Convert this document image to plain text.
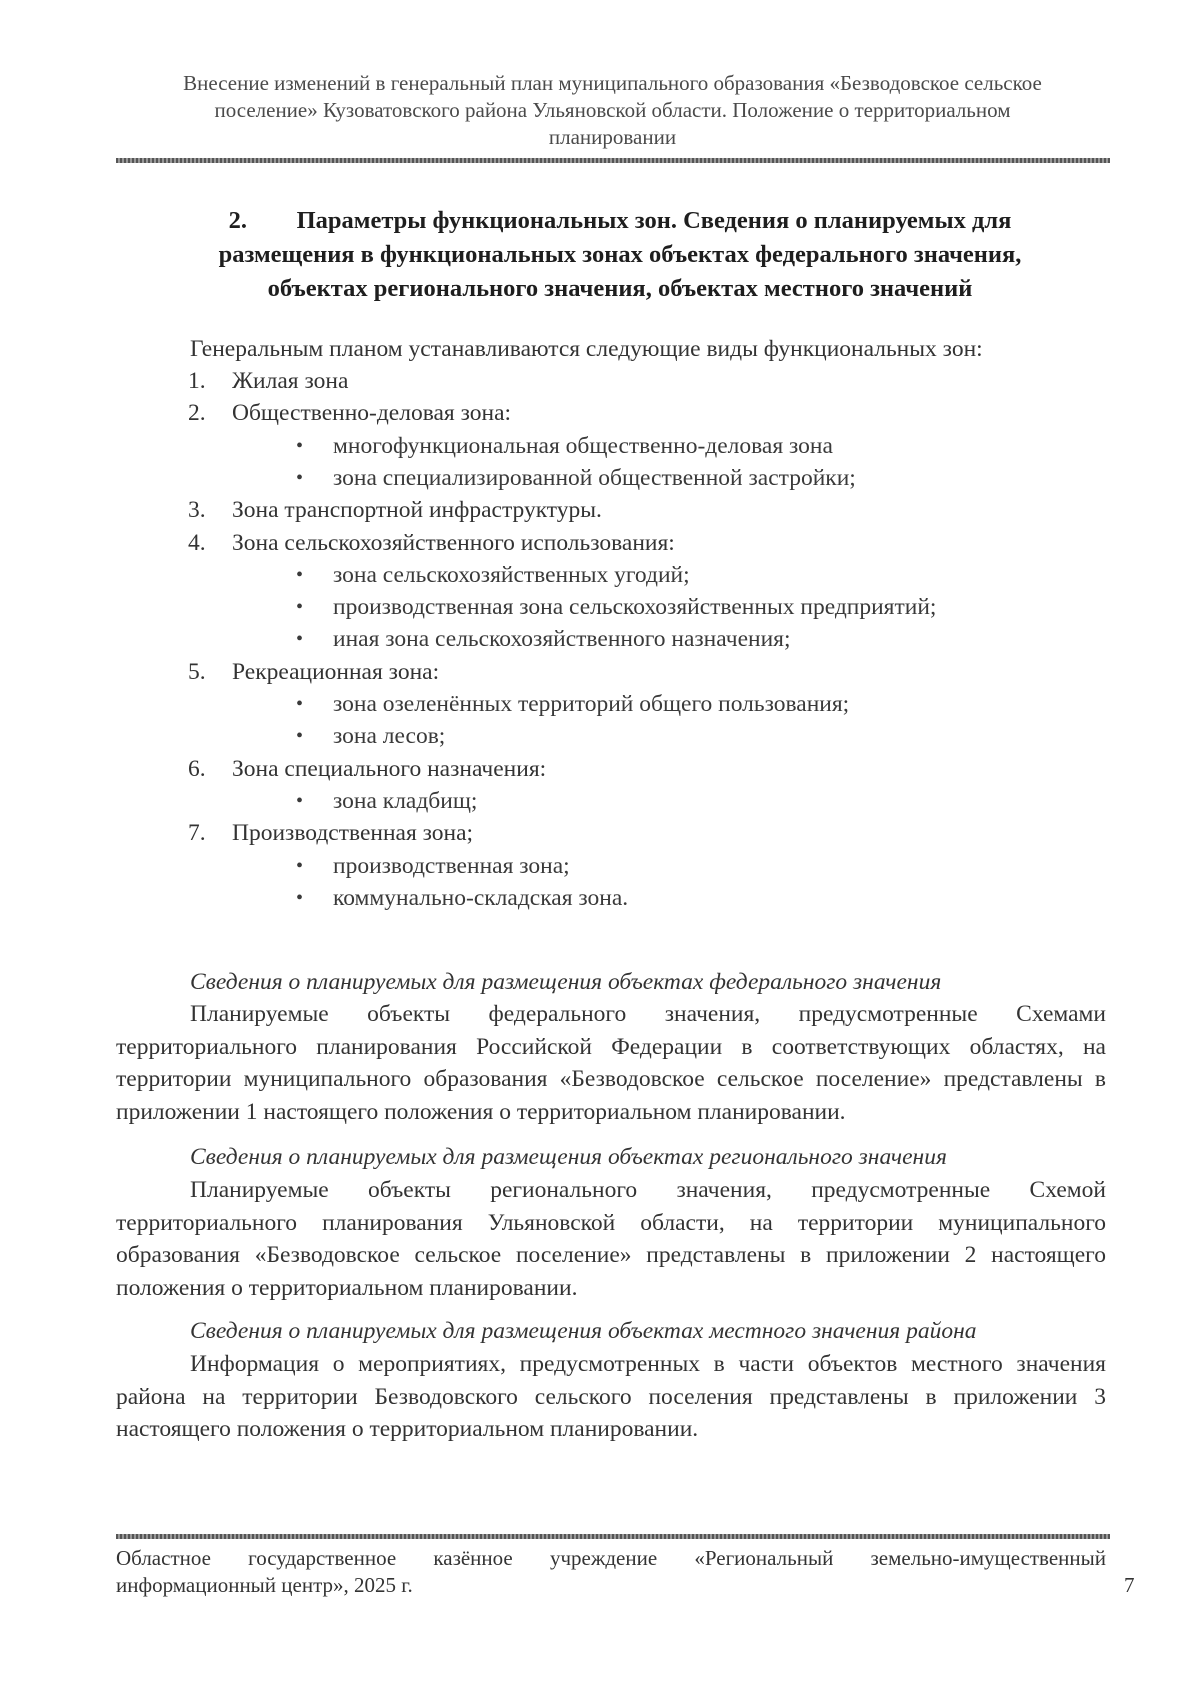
Внесение изменений в генеральный план муниципального образования «Безводовское сельское
поселение» Кузоватовского района Ульяновской области. Положение о территориальном
планировании
2. Параметры функциональных зон. Сведения о планируемых для
размещения в функциональных зонах объектах федерального значения,
объектах регионального значения, объектах местного значений
Генеральным планом устанавливаются следующие виды функциональных зон:
1. Жилая зона
2. Общественно-деловая зона:
• многофункциональная общественно-деловая зона
• зона специализированной общественной застройки;
3. Зона транспортной инфраструктуры.
4. Зона сельскохозяйственного использования:
• зона сельскохозяйственных угодий;
• производственная зона сельскохозяйственных предприятий;
• иная зона сельскохозяйственного назначения;
5. Рекреационная зона:
• зона озеленённых территорий общего пользования;
• зона лесов;
6. Зона специального назначения:
• зона кладбищ;
7. Производственная зона;
• производственная зона;
• коммунально-складская зона.
Сведения о планируемых для размещения объектах федерального значения
Планируемые объекты федерального значения, предусмотренные Схемами территориального планирования Российской Федерации в соответствующих областях, на территории муниципального образования «Безводовское сельское поселение» представлены в приложении 1 настоящего положения о территориальном планировании.
Сведения о планируемых для размещения объектах регионального значения
Планируемые объекты регионального значения, предусмотренные Схемой территориального планирования Ульяновской области, на территории муниципального образования «Безводовское сельское поселение» представлены в приложении 2 настоящего положения о территориальном планировании.
Сведения о планируемых для размещения объектах местного значения района
Информация о мероприятиях, предусмотренных в части объектов местного значения района на территории Безводовского сельского поселения представлены в приложении 3 настоящего положения о территориальном планировании.
Областное государственное казённое учреждение «Региональный земельно-имущественный
информационный центр», 2025 г.	7
